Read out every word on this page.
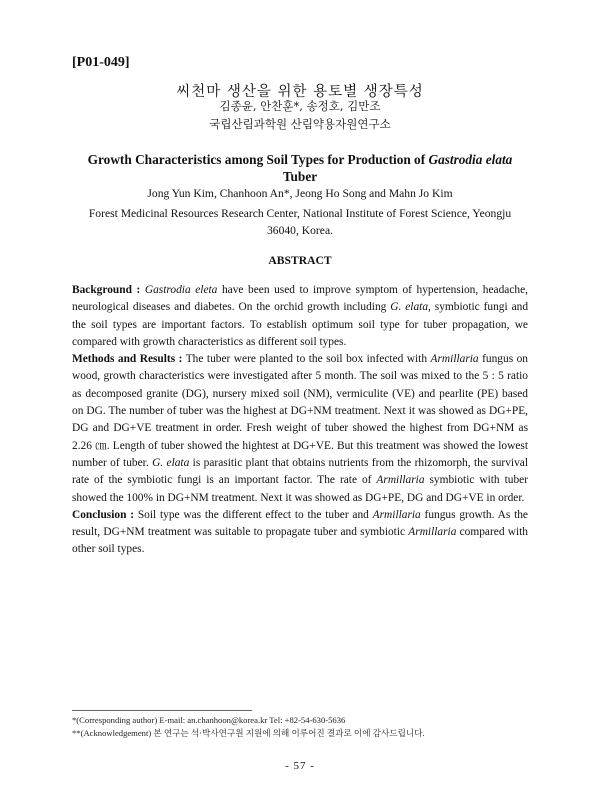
[P01-049]
씨천마 생산을 위한 용토별 생장특성
김종윤, 안찬훈*, 송정호, 김만조
국립산림과학원 산림약용자원연구소
Growth Characteristics among Soil Types for Production of Gastrodia elata Tuber
Jong Yun Kim, Chanhoon An*, Jeong Ho Song and Mahn Jo Kim
Forest Medicinal Resources Research Center, National Institute of Forest Science, Yeongju 36040, Korea.
ABSTRACT

Background : Gastrodia eleta have been used to improve symptom of hypertension, headache, neurological diseases and diabetes. On the orchid growth including G. elata, symbiotic fungi and the soil types are important factors. To establish optimum soil type for tuber propagation, we compared with growth characteristics as different soil types.

Methods and Results : The tuber were planted to the soil box infected with Armillaria fungus on wood, growth characteristics were investigated after 5 month. The soil was mixed to the 5 : 5 ratio as decomposed granite (DG), nursery mixed soil (NM), vermiculite (VE) and pearlite (PE) based on DG. The number of tuber was the highest at DG+NM treatment. Next it was showed as DG+PE, DG and DG+VE treatment in order. Fresh weight of tuber showed the highest from DG+NM as 2.26 ㎝. Length of tuber showed the hightest at DG+VE. But this treatment was showed the lowest number of tuber. G. elata is parasitic plant that obtains nutrients from the rhizomorph, the survival rate of the symbiotic fungi is an important factor. The rate of Armillaria symbiotic with tuber showed the 100% in DG+NM treatment. Next it was showed as DG+PE, DG and DG+VE in order.

Conclusion : Soil type was the different effect to the tuber and Armillaria fungus growth. As the result, DG+NM treatment was suitable to propagate tuber and symbiotic Armillaria compared with other soil types.

*(Corresponding author) E-mail: an.chanhoon@korea.kr Tel: +82-54-630-5636
**(Acknowledgement) 본 연구는 석·박사연구원 지원에 의해 이루어진 결과로 이에 감사드립니다.
- 57 -
